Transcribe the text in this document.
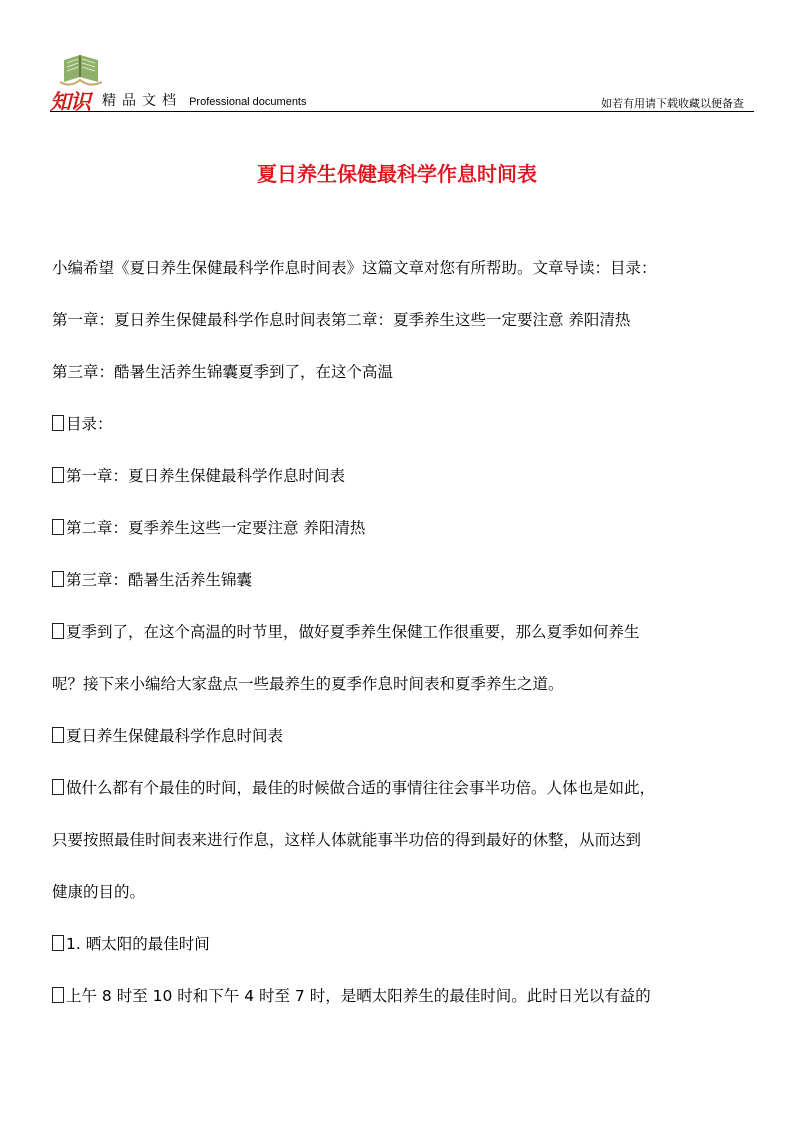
知识 精品文档 Professional documents	如若有用请下载收藏以便备查
夏日养生保健最科学作息时间表
小编希望《夏日养生保健最科学作息时间表》这篇文章对您有所帮助。文章导读：目录：
第一章：夏日养生保健最科学作息时间表第二章：夏季养生这些一定要注意 养阳清热
第三章：酷暑生活养生锦囊夏季到了，在这个高温
目录：
第一章：夏日养生保健最科学作息时间表
第二章：夏季养生这些一定要注意 养阳清热
第三章：酷暑生活养生锦囊
夏季到了，在这个高温的时节里，做好夏季养生保健工作很重要，那么夏季如何养生
呢？接下来小编给大家盘点一些最养生的夏季作息时间表和夏季养生之道。
夏日养生保健最科学作息时间表
做什么都有个最佳的时间，最佳的时候做合适的事情往往会事半功倍。人体也是如此，
只要按照最佳时间表来进行作息，这样人体就能事半功倍的得到最好的休整，从而达到
健康的目的。
1. 晒太阳的最佳时间
上午 8 时至 10 时和下午 4 时至 7 时，是晒太阳养生的最佳时间。此时日光以有益的
